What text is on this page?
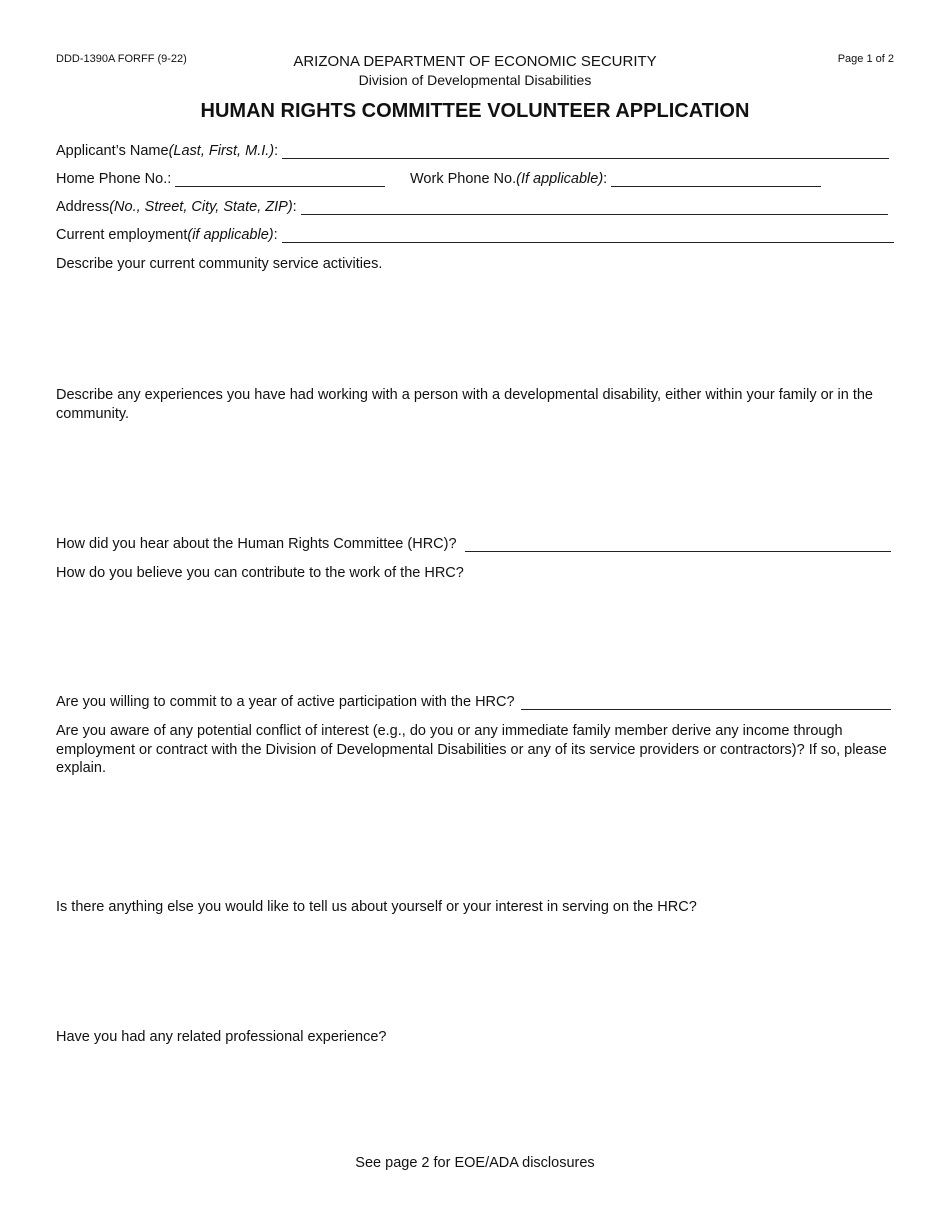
DDD-1390A FORFF (9-22)	ARIZONA DEPARTMENT OF ECONOMIC SECURITY
Division of Developmental Disabilities
Page 1 of 2
HUMAN RIGHTS COMMITTEE VOLUNTEER APPLICATION
Applicant’s Name (Last, First, M.I.) :
Home Phone No.:	Work Phone No. (If applicable) :
Address (No., Street, City, State, ZIP) :
Current employment (if applicable) :
Describe your current community service activities.
Describe any experiences you have had working with a person with a developmental disability, either within your family or in the community.
How did you hear about the Human Rights Committee (HRC)?
How do you believe you can contribute to the work of the HRC?
Are you willing to commit to a year of active participation with the HRC?
Are you aware of any potential conflict of interest (e.g., do you or any immediate family member derive any income through employment or contract with the Division of Developmental Disabilities or any of its service providers or contractors)? If so, please explain.
Is there anything else you would like to tell us about yourself or your interest in serving on the HRC?
Have you had any related professional experience?
See page 2 for EOE/ADA disclosures
